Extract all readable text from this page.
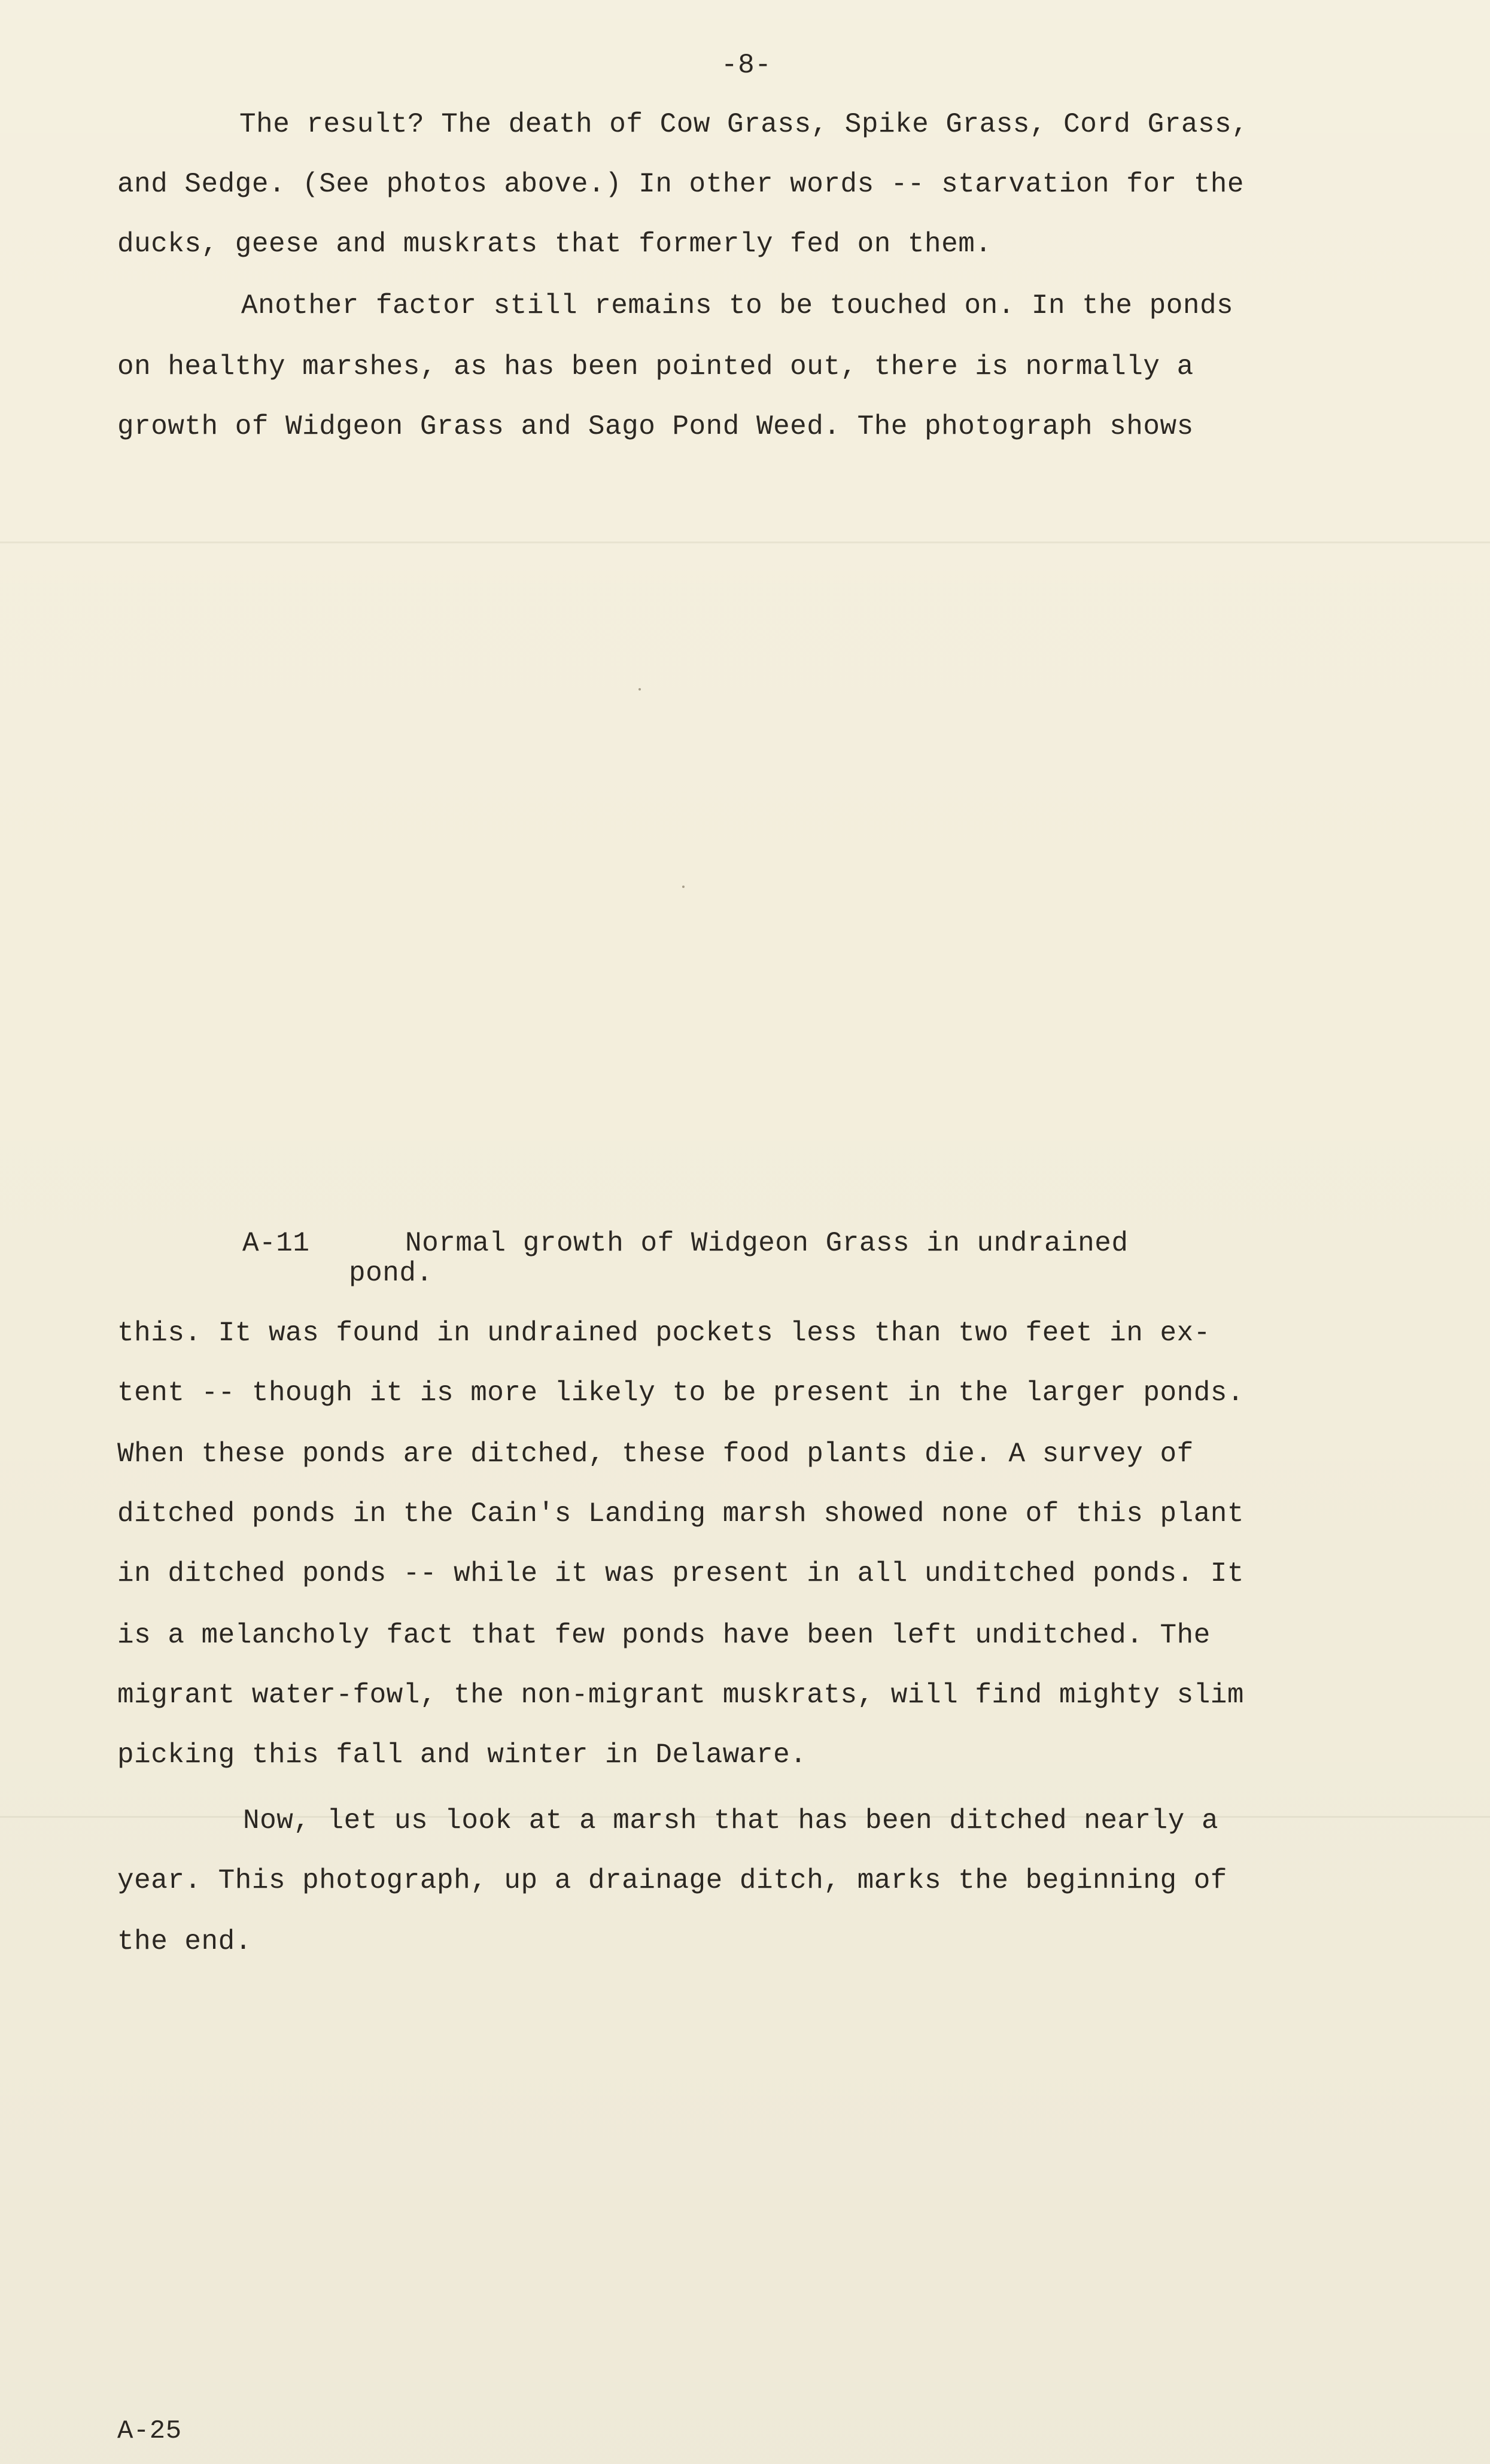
-8-
The result? The death of Cow Grass, Spike Grass, Cord Grass,
and Sedge. (See photos above.) In other words -- starvation for the
ducks, geese and muskrats that formerly fed on them.
Another factor still remains to be touched on. In the ponds
on healthy marshes, as has been pointed out, there is normally a
growth of Widgeon Grass and Sago Pond Weed. The photograph shows
A-11	Normal growth of Widgeon Grass in undrained
pond.
this. It was found in undrained pockets less than two feet in ex-
tent -- though it is more likely to be present in the larger ponds.
When these ponds are ditched, these food plants die. A survey of
ditched ponds in the Cain's Landing marsh showed none of this plant
in ditched ponds -- while it was present in all unditched ponds. It
is a melancholy fact that few ponds have been left unditched. The
migrant water-fowl, the non-migrant muskrats, will find mighty slim
picking this fall and winter in Delaware.
Now, let us look at a marsh that has been ditched nearly a
year. This photograph, up a drainage ditch, marks the beginning of
the end.
A-25
